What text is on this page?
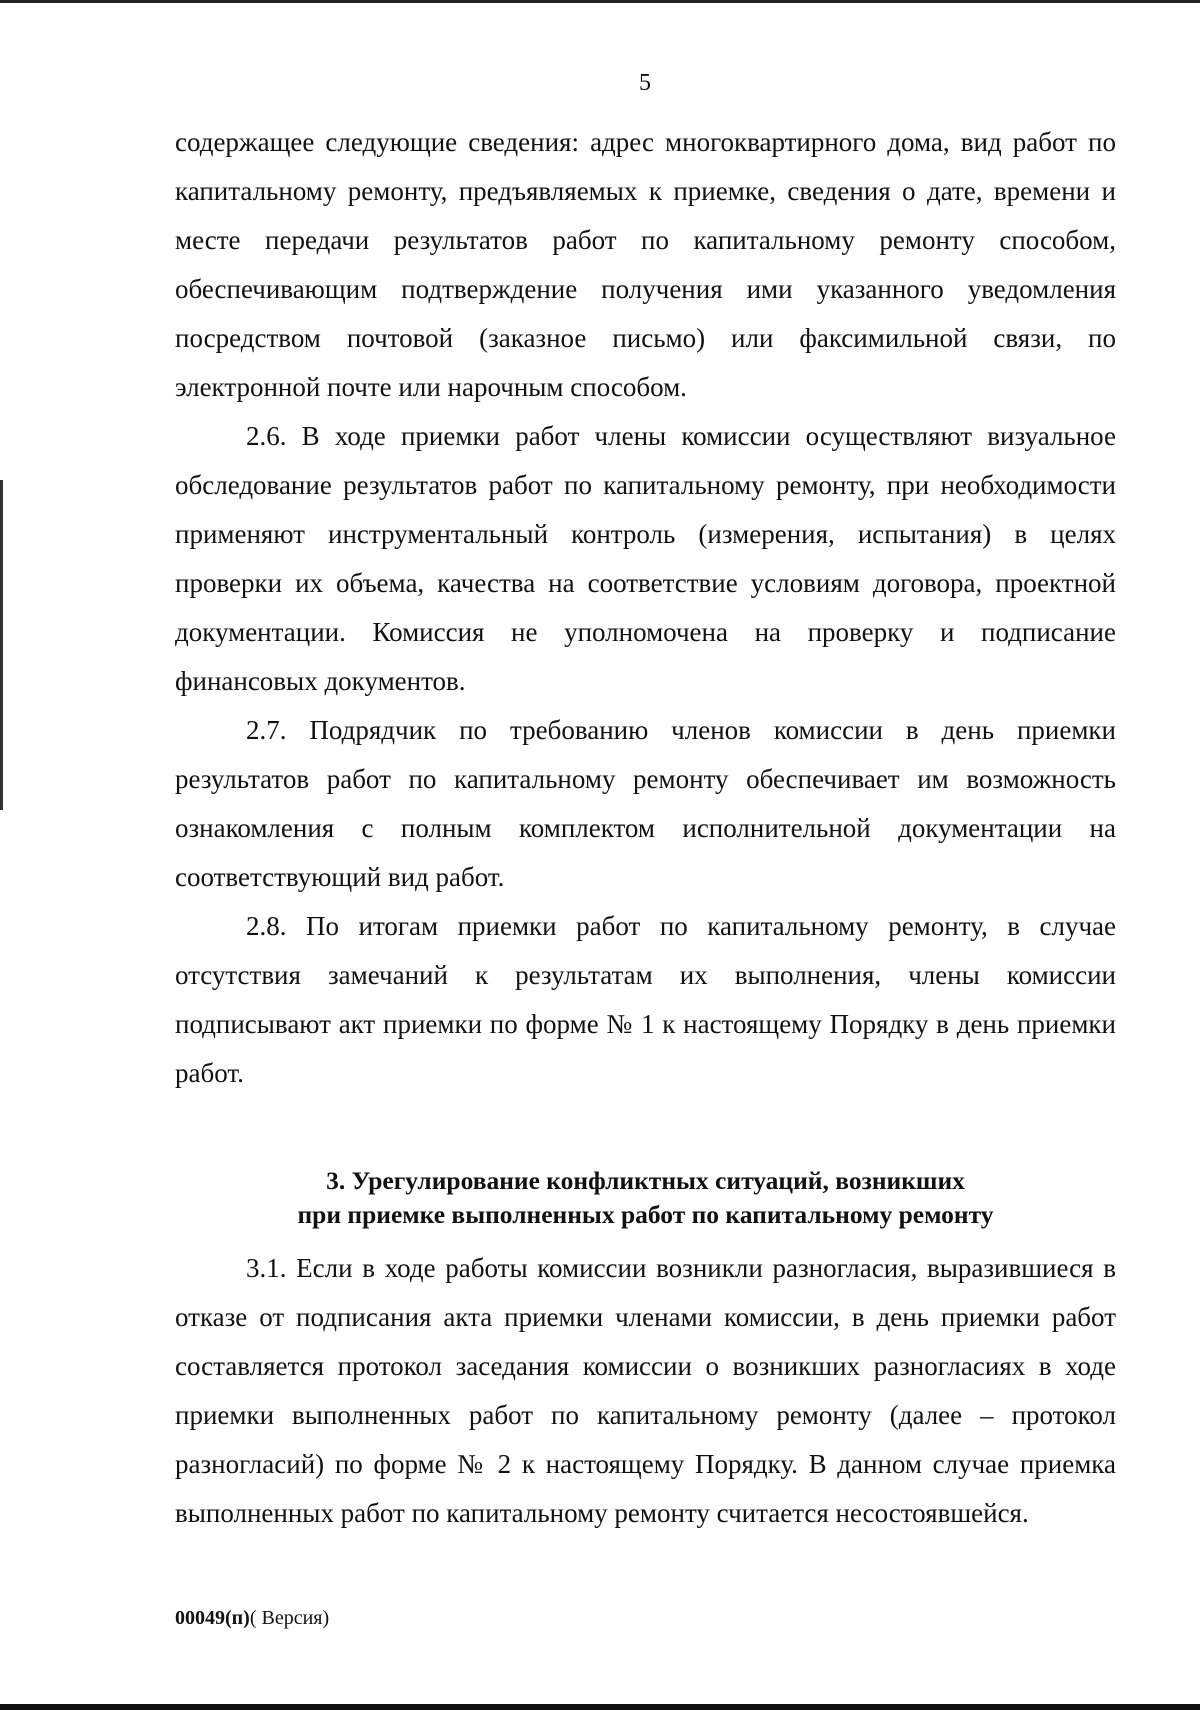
5

содержащее следующие сведения: адрес многоквартирного дома, вид работ по капитальному ремонту, предъявляемых к приемке, сведения о дате, времени и месте передачи результатов работ по капитальному ремонту способом, обеспечивающим подтверждение получения ими указанного уведомления посредством почтовой (заказное письмо) или факсимильной связи, по электронной почте или нарочным способом.

2.6. В ходе приемки работ члены комиссии осуществляют визуальное обследование результатов работ по капитальному ремонту, при необходимости применяют инструментальный контроль (измерения, испытания) в целях проверки их объема, качества на соответствие условиям договора, проектной документации. Комиссия не уполномочена на проверку и подписание финансовых документов.

2.7. Подрядчик по требованию членов комиссии в день приемки результатов работ по капитальному ремонту обеспечивает им возможность ознакомления с полным комплектом исполнительной документации на соответствующий вид работ.

2.8. По итогам приемки работ по капитальному ремонту, в случае отсутствия замечаний к результатам их выполнения, члены комиссии подписывают акт приемки по форме № 1 к настоящему Порядку в день приемки работ.

3. Урегулирование конфликтных ситуаций, возникших
при приемке выполненных работ по капитальному ремонту

3.1. Если в ходе работы комиссии возникли разногласия, выразившиеся в отказе от подписания акта приемки членами комиссии, в день приемки работ составляется протокол заседания комиссии о возникших разногласиях в ходе приемки выполненных работ по капитальному ремонту (далее – протокол разногласий) по форме № 2 к настоящему Порядку. В данном случае приемка выполненных работ по капитальному ремонту считается несостоявшейся.

00049(п)( Версия)
